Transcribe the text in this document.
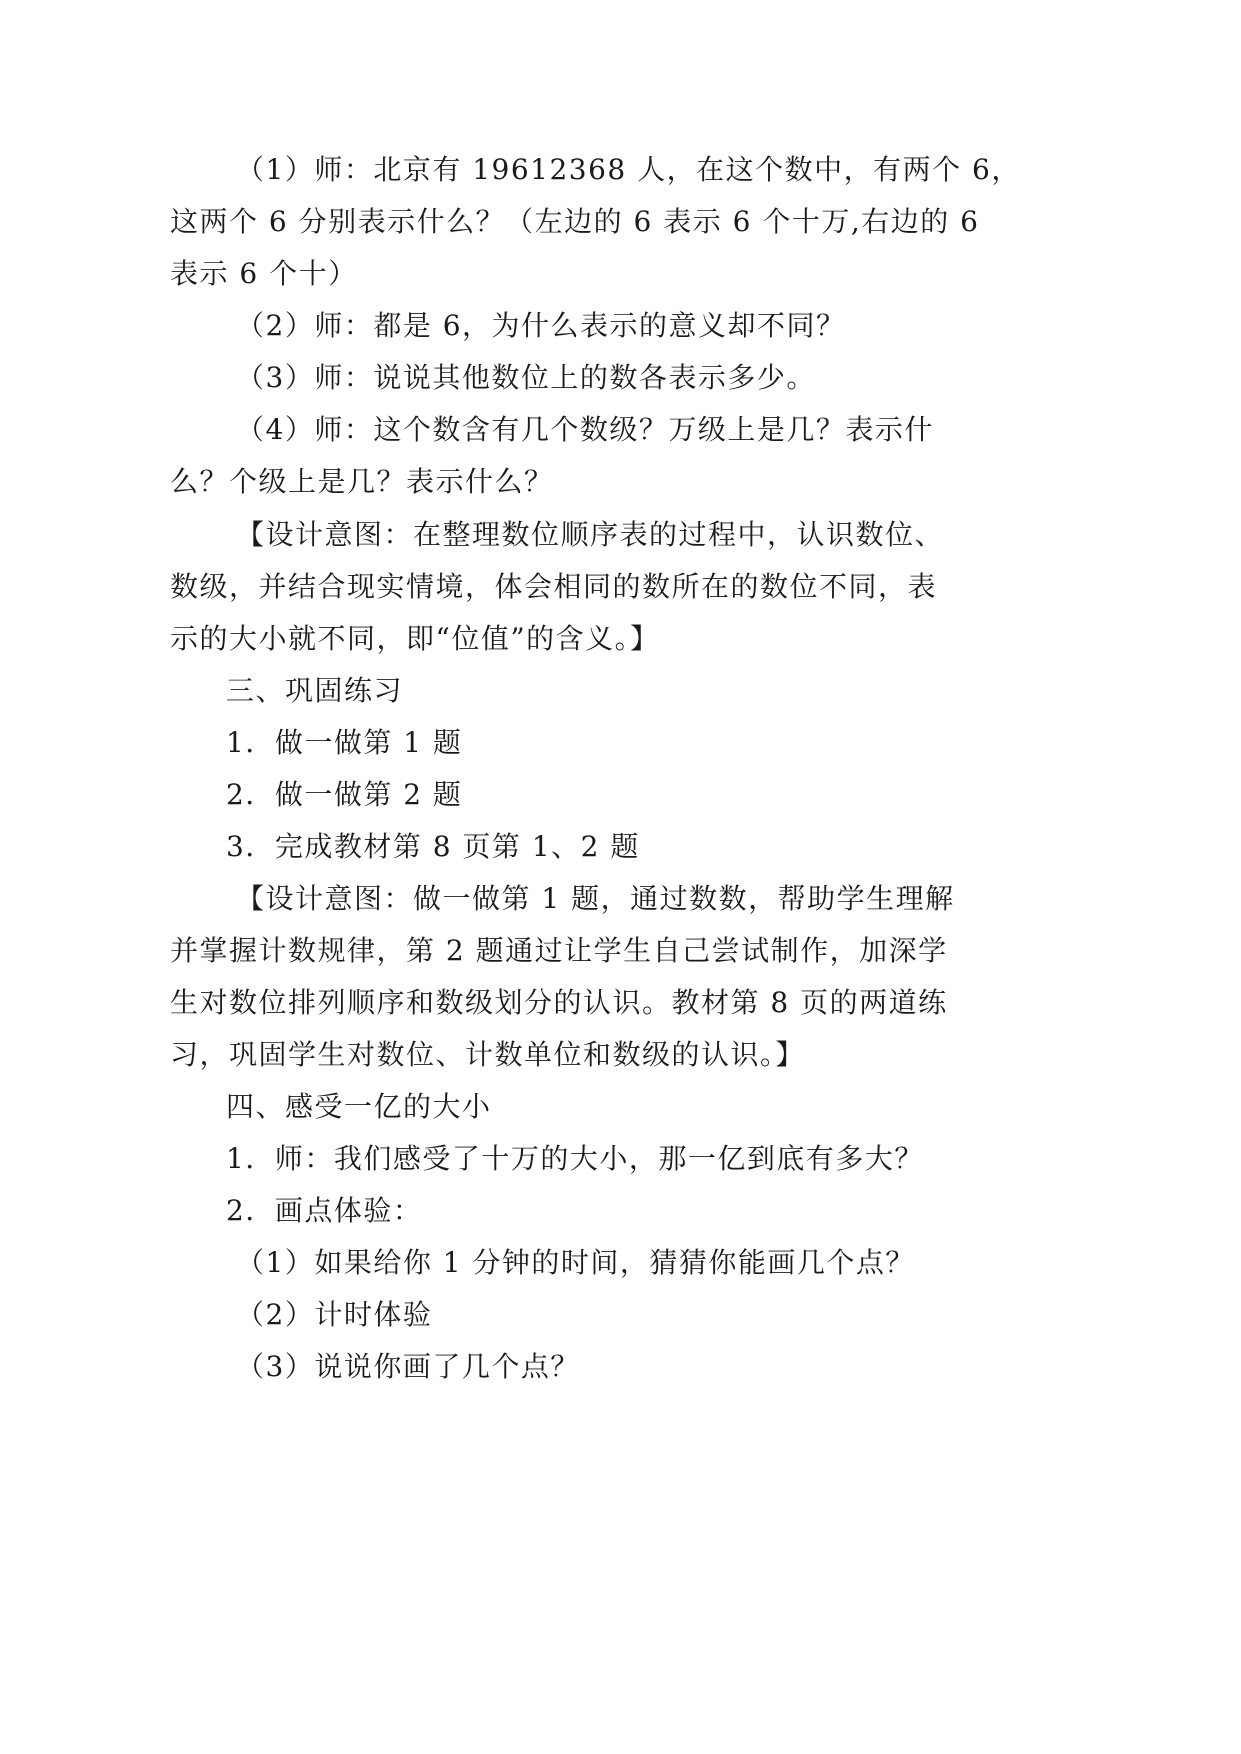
（1）师：北京有 19612368 人，在这个数中，有两个 6，
这两个 6 分别表示什么？（左边的 6 表示 6 个十万,右边的 6
表示 6 个十）
（2）师：都是 6，为什么表示的意义却不同？
（3）师：说说其他数位上的数各表示多少。
（4）师：这个数含有几个数级？万级上是几？表示什
么？个级上是几？表示什么？
【设计意图：在整理数位顺序表的过程中，认识数位、
数级，并结合现实情境，体会相同的数所在的数位不同，表
示的大小就不同，即“位值”的含义。】
三、巩固练习
1．做一做第 1 题
2．做一做第 2 题
3．完成教材第 8 页第 1、2 题
【设计意图：做一做第 1 题，通过数数，帮助学生理解
并掌握计数规律，第 2 题通过让学生自己尝试制作，加深学
生对数位排列顺序和数级划分的认识。教材第 8 页的两道练
习，巩固学生对数位、计数单位和数级的认识。】
四、感受一亿的大小
1．师：我们感受了十万的大小，那一亿到底有多大？
2．画点体验：
（1）如果给你 1 分钟的时间，猜猜你能画几个点？
（2）计时体验
（3）说说你画了几个点？
